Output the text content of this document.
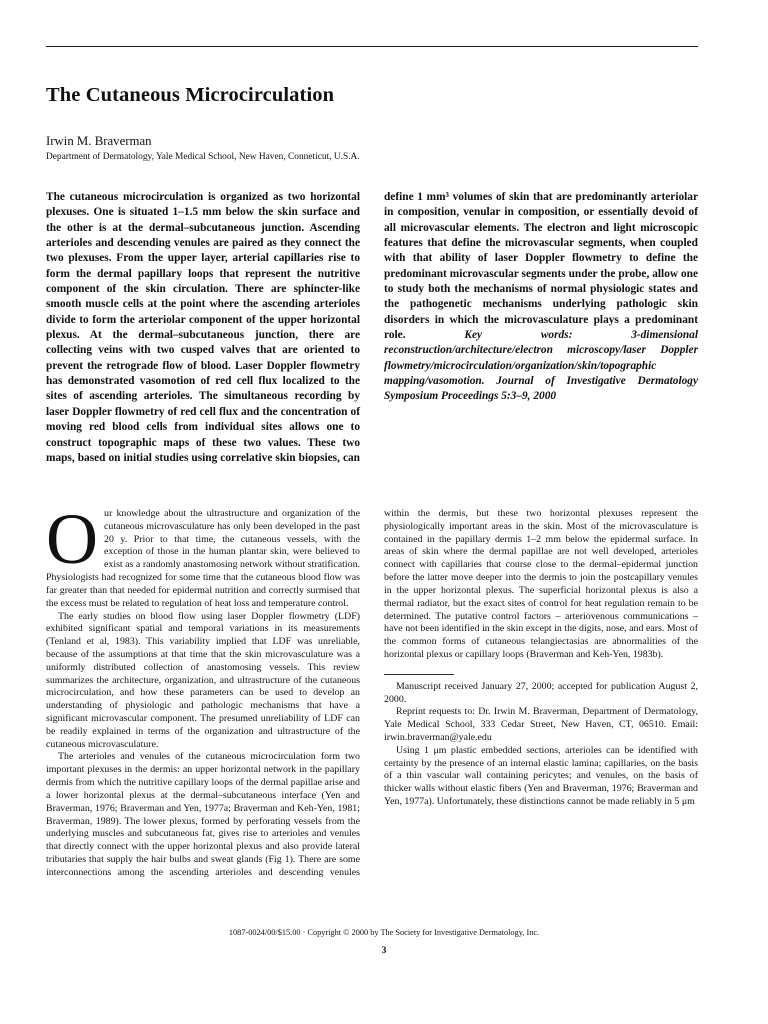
The Cutaneous Microcirculation
Irwin M. Braverman
Department of Dermatology, Yale Medical School, New Haven, Conneticut, U.S.A.

The cutaneous microcirculation is organized as two horizontal plexuses. One is situated 1–1.5 mm below the skin surface and the other is at the dermal–subcutaneous junction. Ascending arterioles and descending venules are paired as they connect the two plexuses. From the upper layer, arterial capillaries rise to form the dermal papillary loops that represent the nutritive component of the skin circulation. There are sphincter-like smooth muscle cells at the point where the ascending arterioles divide to form the arteriolar component of the upper horizontal plexus. At the dermal–subcutaneous junction, there are collecting veins with two cusped valves that are oriented to prevent the retrograde flow of blood. Laser Doppler flowmetry has demonstrated vasomotion of red cell flux localized to the sites of ascending arterioles. The simultaneous recording by laser Doppler flowmetry of red cell flux and the concentration of moving red blood cells from individual sites allows one to construct topographic maps of these two values. These two maps, based on initial studies using correlative skin biopsies, can define 1 mm³ volumes of skin that are predominantly arteriolar in composition, venular in composition, or essentially devoid of all microvascular elements. The electron and light microscopic features that define the microvascular segments, when coupled with that ability of laser Doppler flowmetry to define the predominant microvascular segments under the probe, allow one to study both the mechanisms of normal physiologic states and the pathogenetic mechanisms underlying pathologic skin disorders in which the microvasculature plays a predominant role.	Key words: 3-dimensional reconstruction/architecture/electron microscopy/laser Doppler flowmetry/microcirculation/organization/skin/topographic mapping/vasomotion. Journal of Investigative Dermatology Symposium Proceedings 5:3–9, 2000

Our knowledge about the ultrastructure and organization of the cutaneous microvasculature has only been developed in the past 20 y. Prior to that time, the cutaneous vessels, with the exception of those in the human plantar skin, were believed to exist as a randomly anastomosing network without stratification. Physiologists had recognized for some time that the cutaneous blood flow was far greater than that needed for epidermal nutrition and correctly surmised that the excess must be related to regulation of heat loss and temperature control.

The early studies on blood flow using laser Doppler flowmetry (LDF) exhibited significant spatial and temporal variations in its measurements (Tenland et al, 1983). This variability implied that LDF was unreliable, because of the assumptions at that time that the skin microvasculature was a uniformly distributed collection of anastomosing vessels. This review summarizes the architecture, organization, and ultrastructure of the cutaneous microcirculation, and how these parameters can be used to develop an understanding of physiologic and pathologic mechanisms that have a significant microvascular component. The presumed unreliability of LDF can be readily explained in terms of the organization and ultrastructure of the cutaneous microvasculature.

The arterioles and venules of the cutaneous microcirculation form two important plexuses in the dermis: an upper horizontal network in the papillary dermis from which the nutritive capillary loops of the dermal papillae arise and a lower horizontal plexus at the dermal–subcutaneous interface (Yen and Braverman, 1976; Braverman and Yen, 1977a; Braverman and Keh-Yen, 1981; Braverman, 1989). The lower plexus, formed by perforating vessels from the underlying muscles and subcutaneous fat, gives rise to arterioles and venules that directly connect with the upper horizontal plexus and also provide lateral tributaries that supply the hair bulbs and sweat glands (Fig 1). There are some interconnections among the ascending arterioles and descending venules within the dermis, but these two horizontal plexuses represent the physiologically important areas in the skin. Most of the microvasculature is contained in the papillary dermis 1–2 mm below the epidermal surface. In areas of skin where the dermal papillae are not well developed, arterioles connect with capillaries that course close to the dermal–epidermal junction before the latter move deeper into the dermis to join the postcapillary venules in the upper horizontal plexus. The superficial horizontal plexus is also a thermal radiator, but the exact sites of control for heat regulation remain to be determined. The putative control factors – arteriovenous communications – have not been identified in the skin except in the digits, nose, and ears. Most of the common forms of cutaneous telangiectasias are abnormalities of the horizontal plexus or capillary loops (Braverman and Keh-Yen, 1983b).

Manuscript received January 27, 2000; accepted for publication August 2, 2000.

Reprint requests to: Dr. Irwin M. Braverman, Department of Dermatology, Yale Medical School, 333 Cedar Street, New Haven, CT, 06510. Email: irwin.braverman@yale.edu

Using 1 μm plastic embedded sections, arterioles can be identified with certainty by the presence of an internal elastic lamina; capillaries, on the basis of a thin vascular wall containing pericytes; and venules, on the basis of thicker walls without elastic fibers (Yen and Braverman, 1976; Braverman and Yen, 1977a). Unfortunately, these distinctions cannot be made reliably in 5 μm

1087-0024/00/$15.00 · Copyright © 2000 by The Society for Investigative Dermatology, Inc.
3
